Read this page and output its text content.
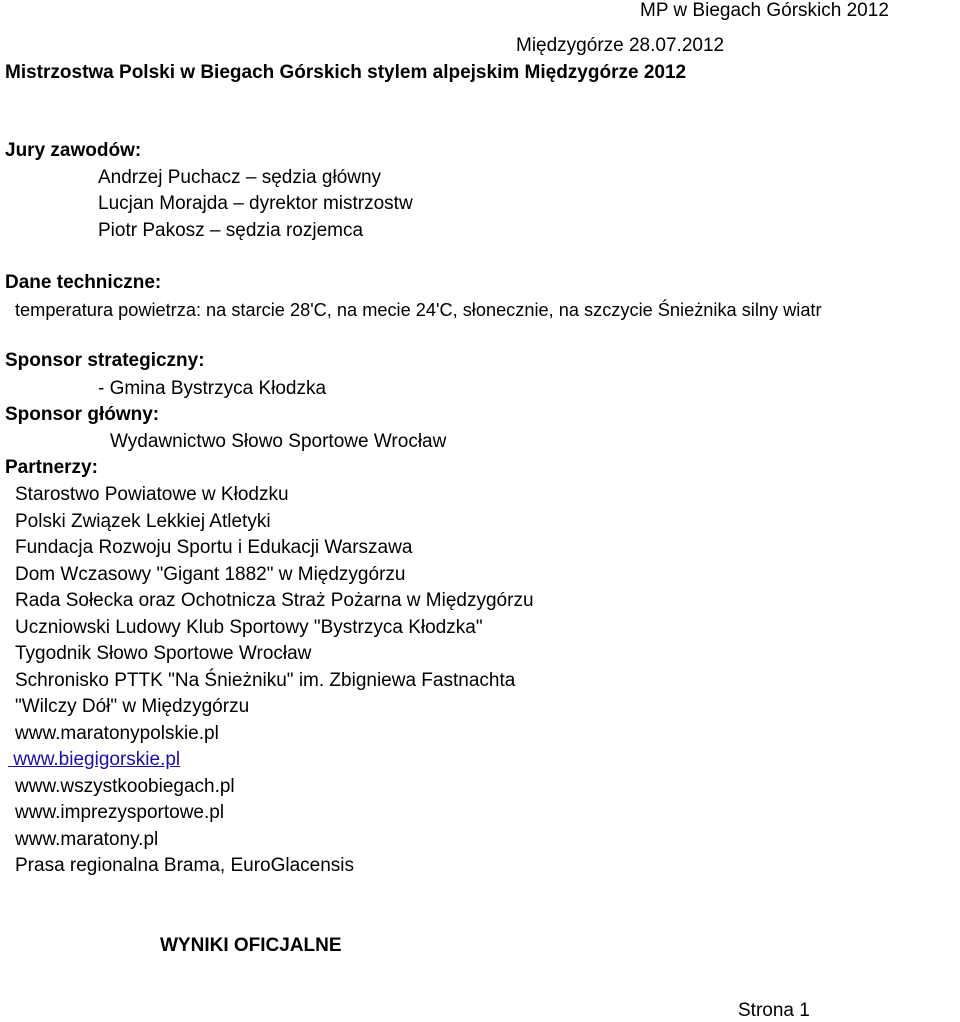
MP w Biegach Górskich 2012

Międzygórze 28.07.2012

Mistrzostwa Polski w Biegach Górskich stylem alpejskim Międzygórze 2012

Jury zawodów:

Andrzej Puchacz – sędzia główny

Lucjan Morajda – dyrektor mistrzostw

Piotr Pakosz – sędzia rozjemca

Dane techniczne:

temperatura powietrza: na starcie 28'C, na mecie 24'C, słonecznie, na szczycie Śnieżnika silny wiatr

Sponsor strategiczny:

- Gmina Bystrzyca Kłodzka

Sponsor główny:

Wydawnictwo Słowo Sportowe Wrocław

Partnerzy:

Starostwo Powiatowe w Kłodzku

Polski Związek Lekkiej Atletyki

Fundacja Rozwoju Sportu i Edukacji Warszawa

Dom Wczasowy "Gigant 1882" w Międzygórzu

Rada Sołecka oraz Ochotnicza Straż Pożarna w Międzygórzu

Uczniowski Ludowy Klub Sportowy "Bystrzyca Kłodzka"

Tygodnik Słowo Sportowe Wrocław

Schronisko PTTK "Na Śnieżniku" im. Zbigniewa Fastnachta

"Wilczy Dół" w Międzygórzu

www.maratonypolskie.pl

www.biegigorskie.pl

www.wszystkoobiegach.pl

www.imprezysportowe.pl

www.maratony.pl

Prasa regionalna Brama, EuroGlacensis

WYNIKI OFICJALNE

Strona 1
